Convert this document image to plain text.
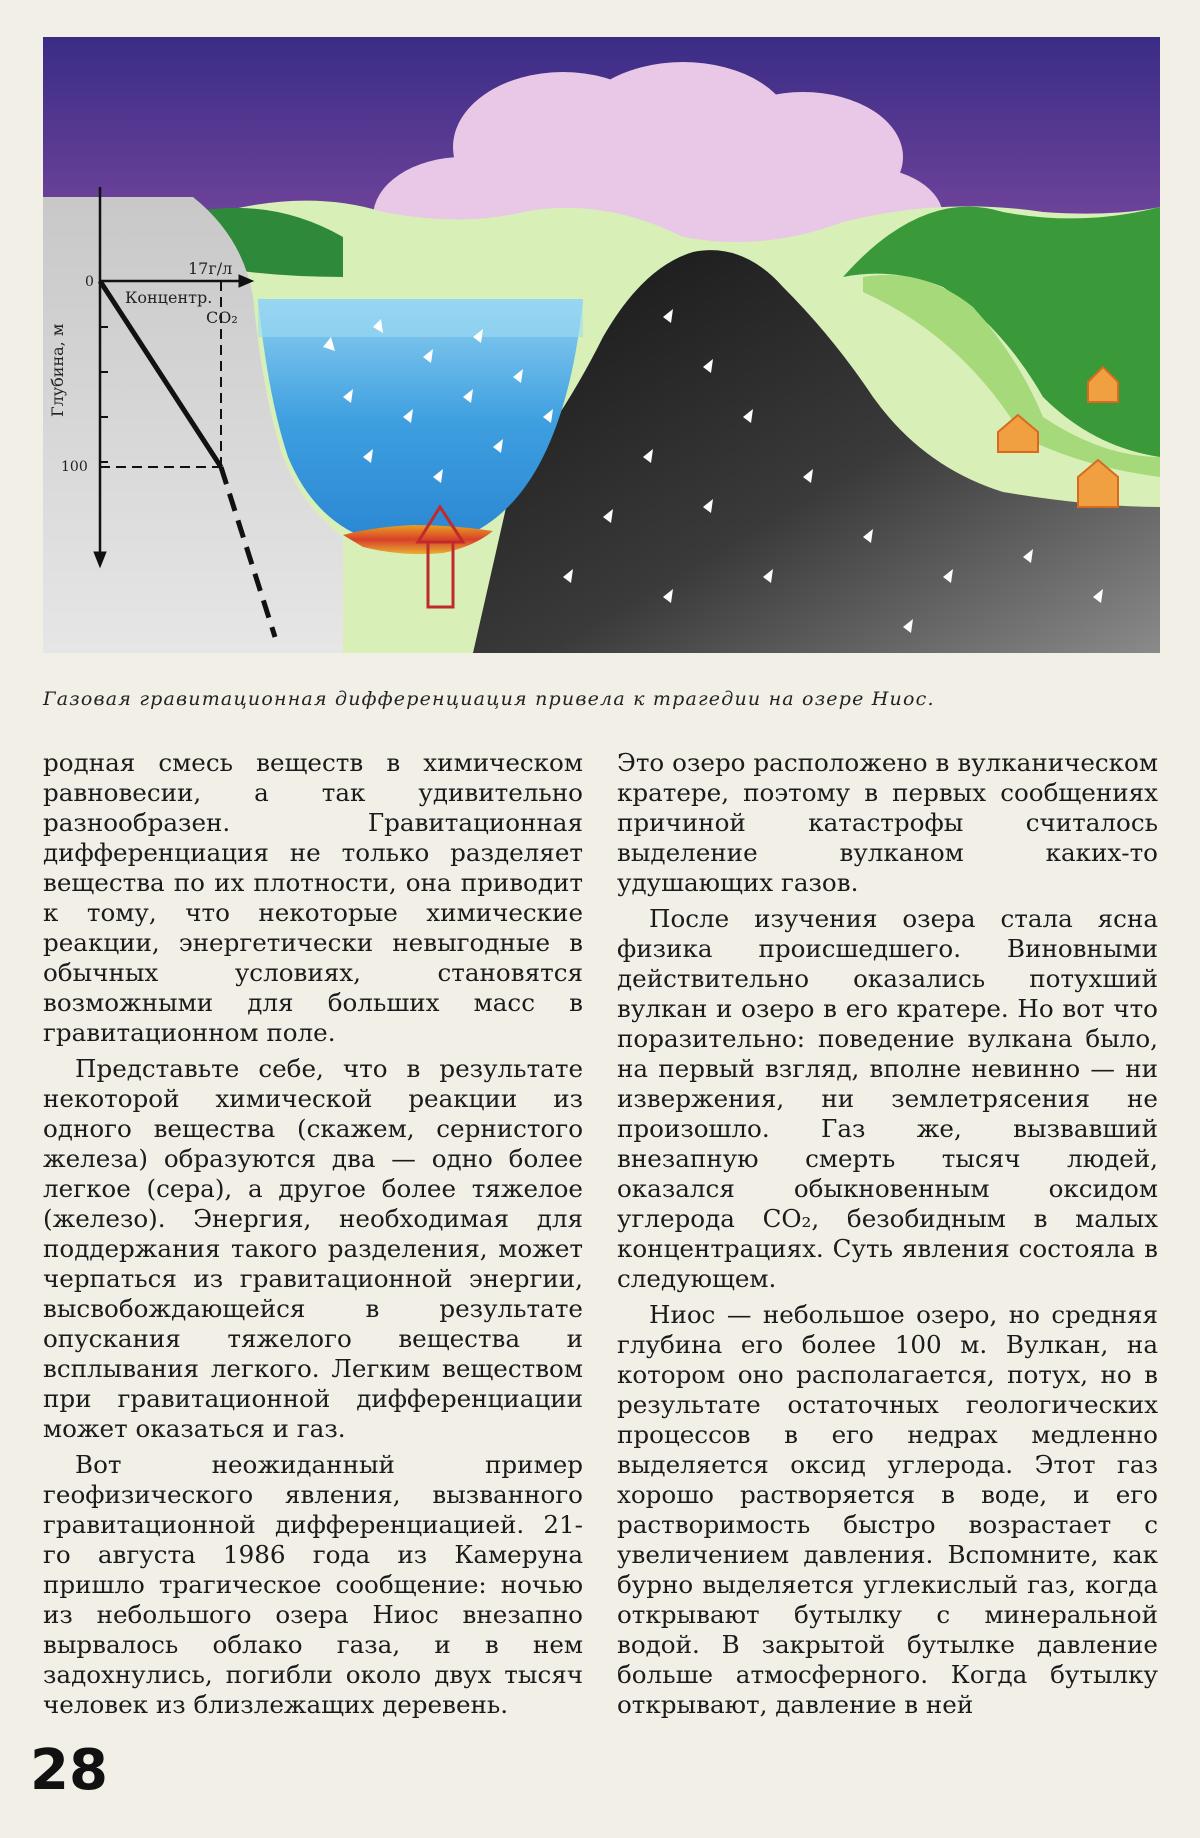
0
100
17г/л
Концентр.
CO₂
Глубина, м
Газовая гравитационная дифференциация привела к трагедии на озере Ниос.

родная смесь веществ в химическом равновесии, а так удивительно разнообразен. Гравитационная дифференциация не только разделяет вещества по их плотности, она приводит к тому, что некоторые химические реакции, энергетически невыгодные в обычных условиях, становятся возможными для больших масс в гравитационном поле.

Представьте себе, что в результате некоторой химической реакции из одного вещества (скажем, сернистого железа) образуются два — одно более легкое (сера), а другое более тяжелое (железо). Энергия, необходимая для поддержания такого разделения, может черпаться из гравитационной энергии, высвобождающейся в результате опускания тяжелого вещества и всплывания легкого. Легким веществом при гравитационной дифференциации может оказаться и газ.

Вот неожиданный пример геофизического явления, вызванного гравитационной дифференциацией. 21-го августа 1986 года из Камеруна пришло трагическое сообщение: ночью из небольшого озера Ниос внезапно вырвалось облако газа, и в нем задохнулись, погибли около двух тысяч человек из близлежащих деревень.

Это озеро расположено в вулканическом кратере, поэтому в первых сообщениях причиной катастрофы считалось выделение вулканом каких-то удушающих газов.

После изучения озера стала ясна физика происшедшего. Виновными действительно оказались потухший вулкан и озеро в его кратере. Но вот что поразительно: поведение вулкана было, на первый взгляд, вполне невинно — ни извержения, ни землетрясения не произошло. Газ же, вызвавший внезапную смерть тысяч людей, оказался обыкновенным оксидом углерода CO₂, безобидным в малых концентрациях. Суть явления состояла в следующем.

Ниос — небольшое озеро, но средняя глубина его более 100 м. Вулкан, на котором оно располагается, потух, но в результате остаточных геологических процессов в его недрах медленно выделяется оксид углерода. Этот газ хорошо растворяется в воде, и его растворимость быстро возрастает с увеличением давления. Вспомните, как бурно выделяется углекислый газ, когда открывают бутылку с минеральной водой. В закрытой бутылке давление больше атмосферного. Когда бутылку открывают, давление в ней

28
